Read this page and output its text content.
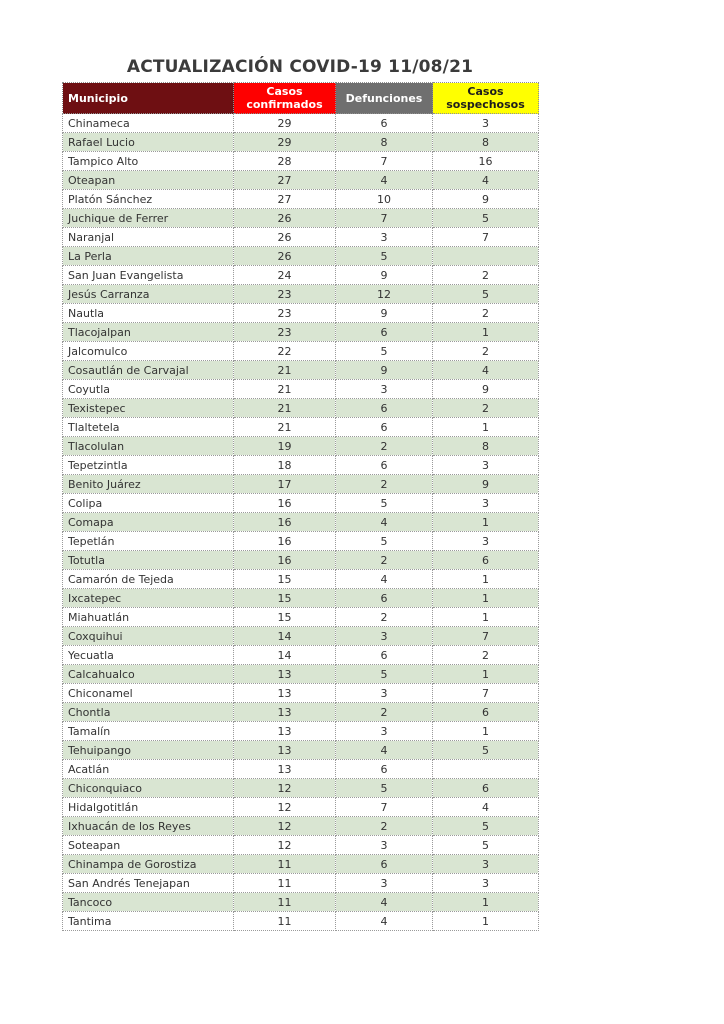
ACTUALIZACIÓN COVID-19 11/08/21
Municipio	Casos confirmados	Defunciones	Casos sospechosos
Chinameca	29	6	3
Rafael Lucio	29	8	8
Tampico Alto	28	7	16
Oteapan	27	4	4
Platón Sánchez	27	10	9
Juchique de Ferrer	26	7	5
Naranjal	26	3	7
La Perla	26	5	
San Juan Evangelista	24	9	2
Jesús Carranza	23	12	5
Nautla	23	9	2
Tlacojalpan	23	6	1
Jalcomulco	22	5	2
Cosautlán de Carvajal	21	9	4
Coyutla	21	3	9
Texistepec	21	6	2
Tlaltetela	21	6	1
Tlacolulan	19	2	8
Tepetzintla	18	6	3
Benito Juárez	17	2	9
Colipa	16	5	3
Comapa	16	4	1
Tepetlán	16	5	3
Totutla	16	2	6
Camarón de Tejeda	15	4	1
Ixcatepec	15	6	1
Miahuatlán	15	2	1
Coxquihui	14	3	7
Yecuatla	14	6	2
Calcahualco	13	5	1
Chiconamel	13	3	7
Chontla	13	2	6
Tamalín	13	3	1
Tehuipango	13	4	5
Acatlán	13	6	
Chiconquiaco	12	5	6
Hidalgotitlán	12	7	4
Ixhuacán de los Reyes	12	2	5
Soteapan	12	3	5
Chinampa de Gorostiza	11	6	3
San Andrés Tenejapan	11	3	3
Tancoco	11	4	1
Tantima	11	4	1
